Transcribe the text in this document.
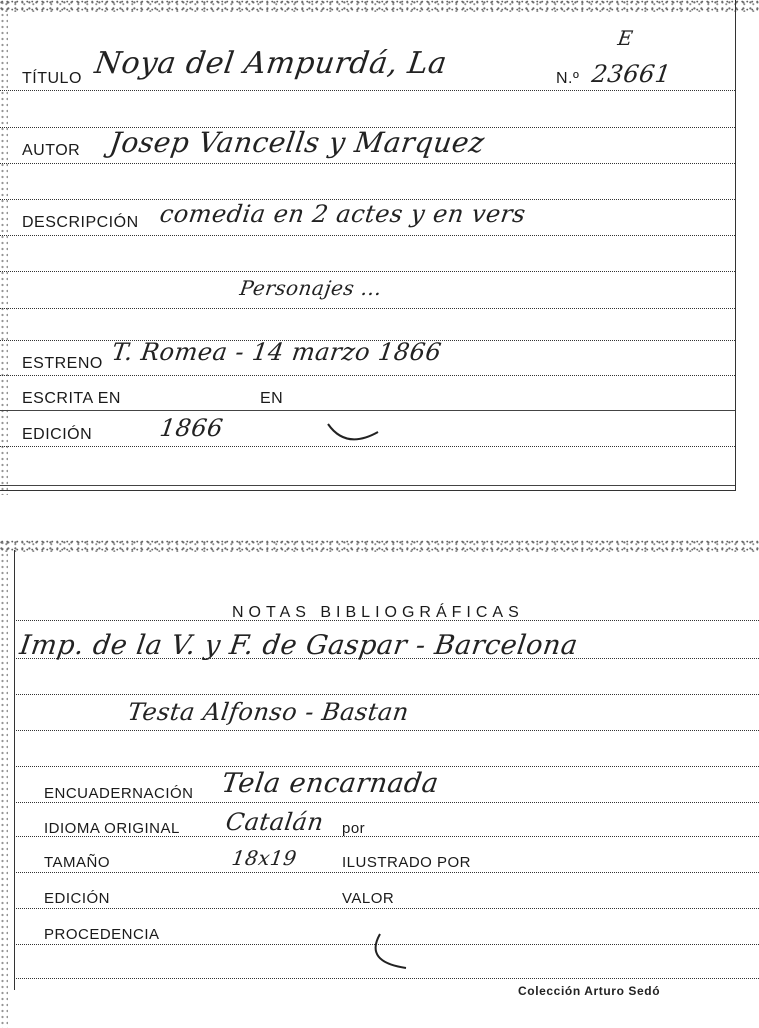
TÍTULO Noya del Ampurdá, La	N.º 23661
E
AUTOR Josep Vancells y Marquez
DESCRIPCIÓN comedia en 2 actes y en vers
Personajes ...
ESTRENO T. Romea - 14 marzo 1866
ESCRITA EN	EN
EDICIÓN	1866
NOTAS BIBLIOGRÁFICAS
Imp. de la V. y F. de Gaspar - Barcelona
Testa Alfonso - Bastan
ENCUADERNACIÓN Tela encarnada
IDIOMA ORIGINAL Catalán por
TAMAÑO	18x19	ILUSTRADO POR
EDICIÓN	VALOR
PROCEDENCIA
Colección Arturo Sedó
